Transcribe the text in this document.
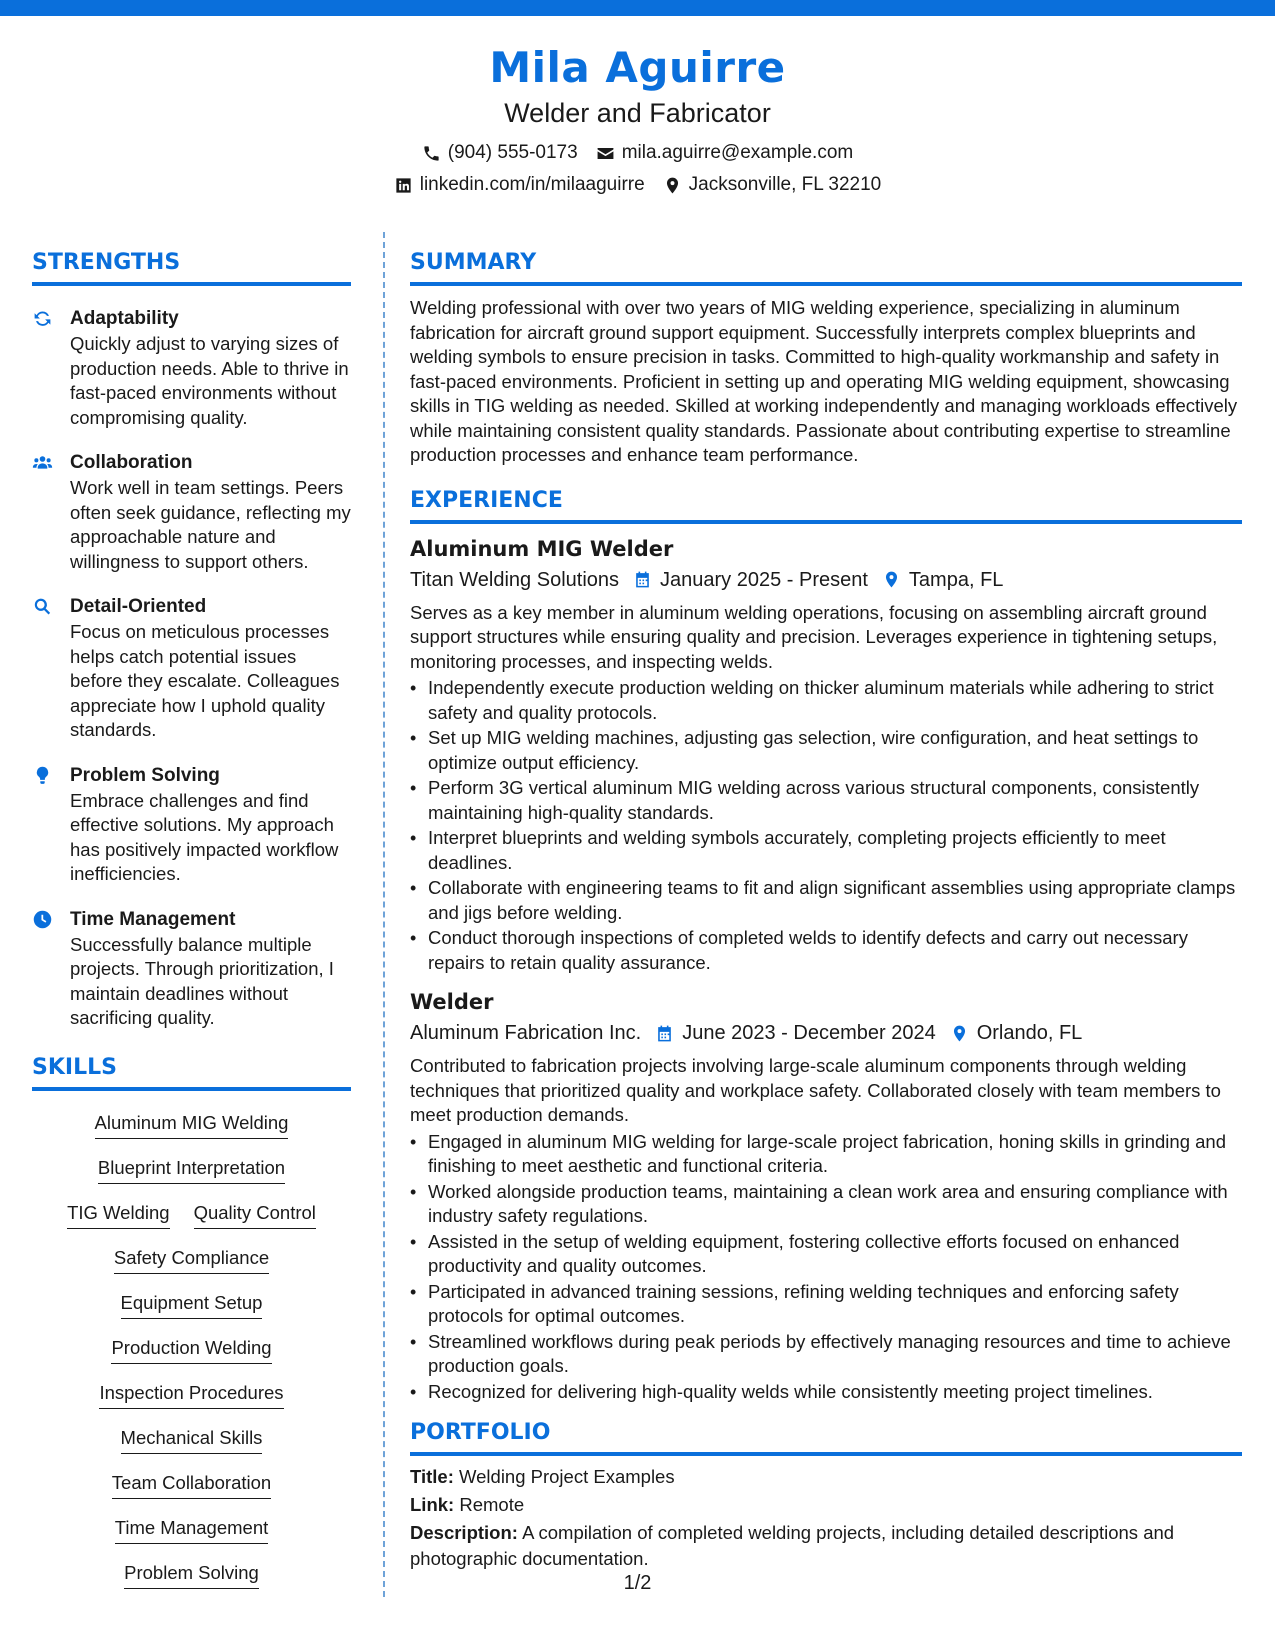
Mila Aguirre
Welder and Fabricator
(904) 555-0173 mila.aguirre@example.com
linkedin.com/in/milaaguirre Jacksonville, FL 32210
STRENGTHS
Adaptability
Quickly adjust to varying sizes of production needs. Able to thrive in fast-paced environments without compromising quality.
Collaboration
Work well in team settings. Peers often seek guidance, reflecting my approachable nature and willingness to support others.
Detail-Oriented
Focus on meticulous processes helps catch potential issues before they escalate. Colleagues appreciate how I uphold quality standards.
Problem Solving
Embrace challenges and find effective solutions. My approach has positively impacted workflow inefficiencies.
Time Management
Successfully balance multiple projects. Through prioritization, I maintain deadlines without sacrificing quality.
SKILLS
Aluminum MIG Welding
Blueprint Interpretation
TIG Welding Quality Control
Safety Compliance
Equipment Setup
Production Welding
Inspection Procedures
Mechanical Skills
Team Collaboration
Time Management
Problem Solving
SUMMARY
Welding professional with over two years of MIG welding experience, specializing in aluminum fabrication for aircraft ground support equipment. Successfully interprets complex blueprints and welding symbols to ensure precision in tasks. Committed to high-quality workmanship and safety in fast-paced environments. Proficient in setting up and operating MIG welding equipment, showcasing skills in TIG welding as needed. Skilled at working independently and managing workloads effectively while maintaining consistent quality standards. Passionate about contributing expertise to streamline production processes and enhance team performance.
EXPERIENCE
Aluminum MIG Welder
Titan Welding Solutions January 2025 - Present Tampa, FL
Serves as a key member in aluminum welding operations, focusing on assembling aircraft ground support structures while ensuring quality and precision. Leverages experience in tightening setups, monitoring processes, and inspecting welds.
• Independently execute production welding on thicker aluminum materials while adhering to strict safety and quality protocols.
• Set up MIG welding machines, adjusting gas selection, wire configuration, and heat settings to optimize output efficiency.
• Perform 3G vertical aluminum MIG welding across various structural components, consistently maintaining high-quality standards.
• Interpret blueprints and welding symbols accurately, completing projects efficiently to meet deadlines.
• Collaborate with engineering teams to fit and align significant assemblies using appropriate clamps and jigs before welding.
• Conduct thorough inspections of completed welds to identify defects and carry out necessary repairs to retain quality assurance.
Welder
Aluminum Fabrication Inc. June 2023 - December 2024 Orlando, FL
Contributed to fabrication projects involving large-scale aluminum components through welding techniques that prioritized quality and workplace safety. Collaborated closely with team members to meet production demands.
• Engaged in aluminum MIG welding for large-scale project fabrication, honing skills in grinding and finishing to meet aesthetic and functional criteria.
• Worked alongside production teams, maintaining a clean work area and ensuring compliance with industry safety regulations.
• Assisted in the setup of welding equipment, fostering collective efforts focused on enhanced productivity and quality outcomes.
• Participated in advanced training sessions, refining welding techniques and enforcing safety protocols for optimal outcomes.
• Streamlined workflows during peak periods by effectively managing resources and time to achieve production goals.
• Recognized for delivering high-quality welds while consistently meeting project timelines.
PORTFOLIO
Title: Welding Project Examples
Link: Remote
Description: A compilation of completed welding projects, including detailed descriptions and photographic documentation.
1/2
